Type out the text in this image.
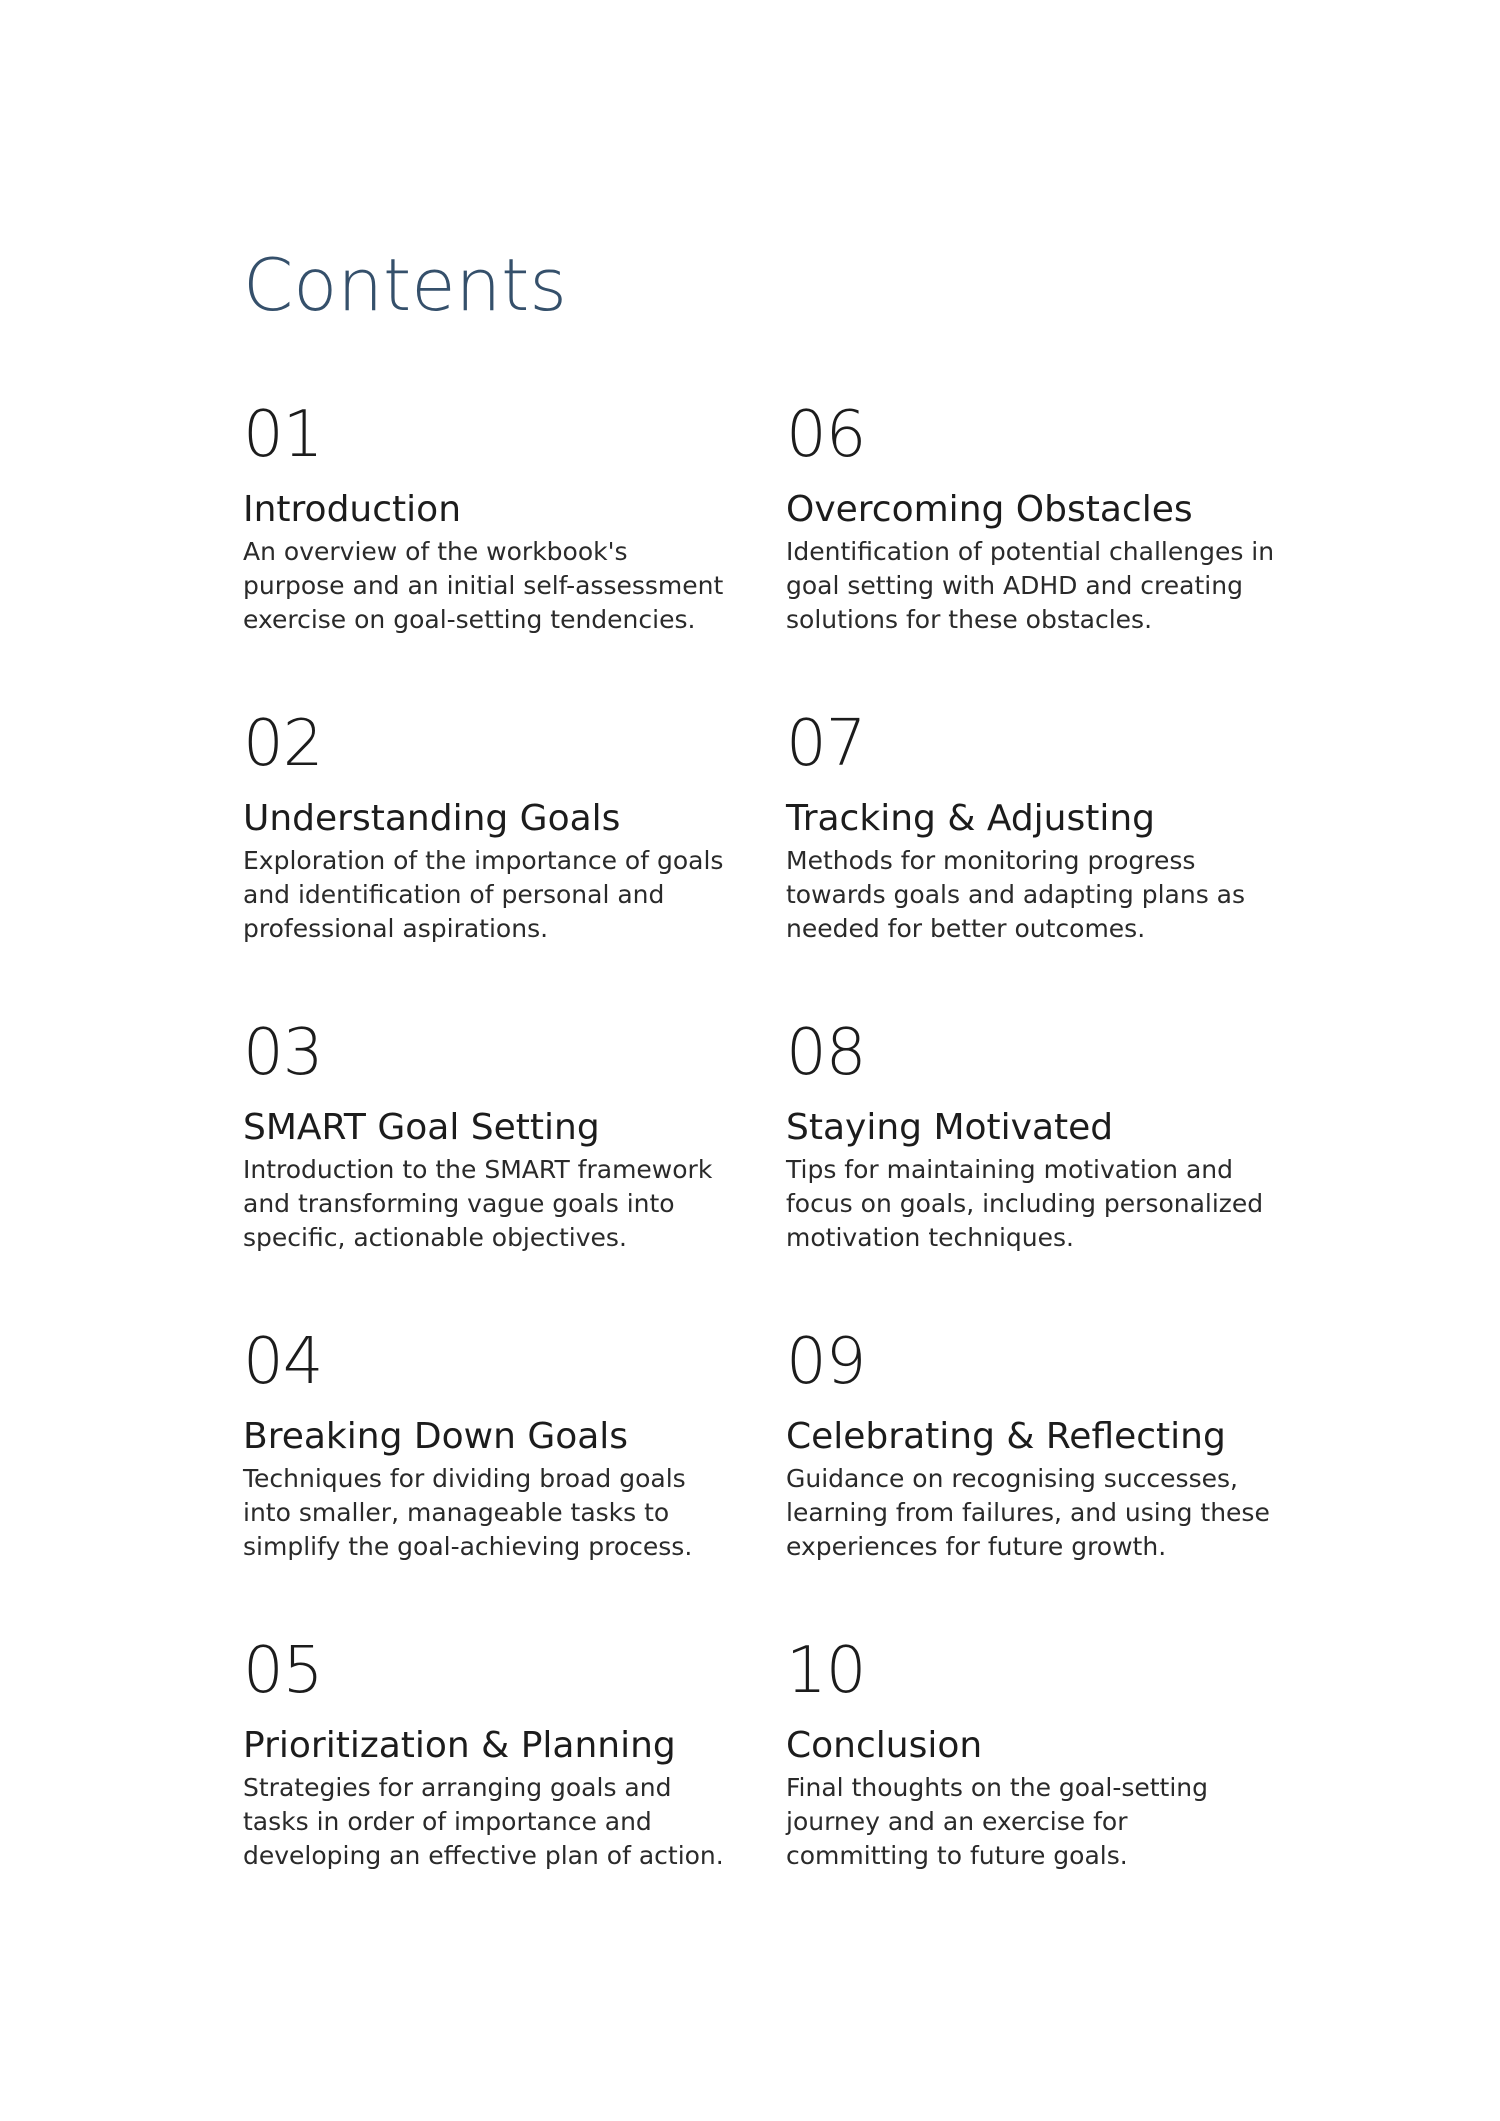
Contents
01
Introduction
An overview of the workbook's purpose and an initial self-assessment exercise on goal-setting tendencies.
06
Overcoming Obstacles
Identification of potential challenges in goal setting with ADHD and creating solutions for these obstacles.
02
Understanding Goals
Exploration of the importance of goals and identification of personal and professional aspirations.
07
Tracking & Adjusting
Methods for monitoring progress towards goals and adapting plans as needed for better outcomes.
03
SMART Goal Setting
Introduction to the SMART framework and transforming vague goals into specific, actionable objectives.
08
Staying Motivated
Tips for maintaining motivation and focus on goals, including personalized motivation techniques.
04
Breaking Down Goals
Techniques for dividing broad goals into smaller, manageable tasks to simplify the goal-achieving process.
09
Celebrating & Reflecting
Guidance on recognising successes, learning from failures, and using these experiences for future growth.
05
Prioritization & Planning
Strategies for arranging goals and tasks in order of importance and developing an effective plan of action.
10
Conclusion
Final thoughts on the goal-setting journey and an exercise for committing to future goals.
